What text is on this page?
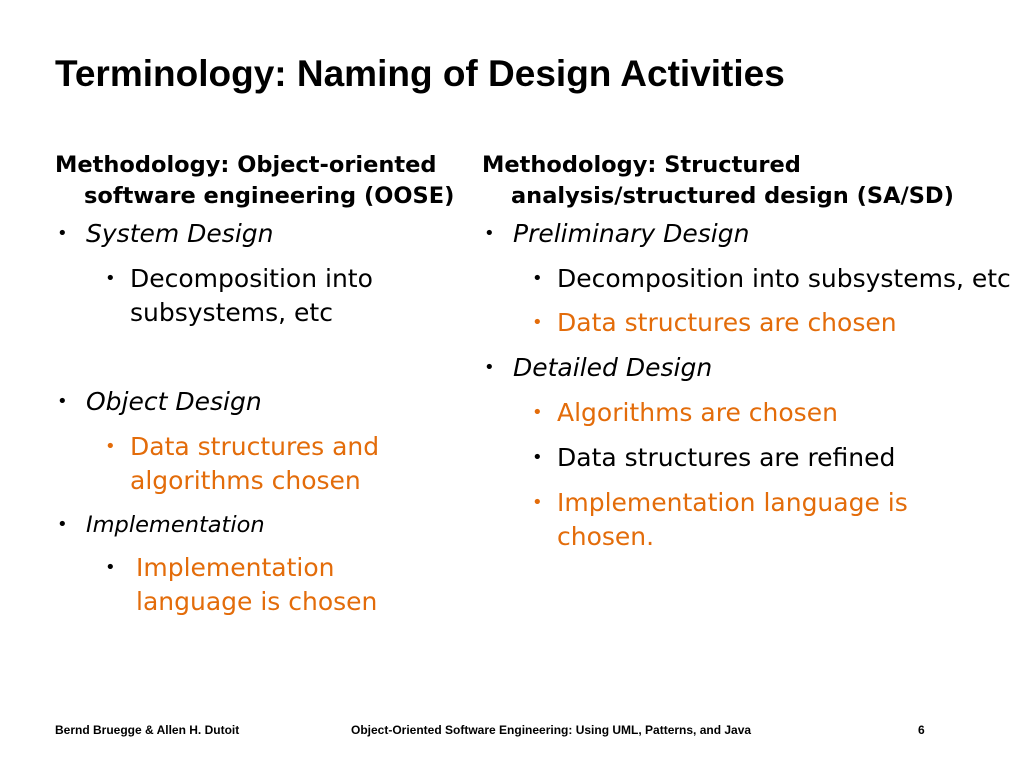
Terminology: Naming of Design Activities

Methodology: Object-oriented software engineering (OOSE)

• System Design
• Decomposition into subsystems, etc
• Object Design
• Data structures and algorithms chosen
• Implementation
• Implementation language is chosen

Methodology: Structured analysis/structured design (SA/SD)

• Preliminary Design
• Decomposition into subsystems, etc
• Data structures are chosen
• Detailed Design
• Algorithms are chosen
• Data structures are refined
• Implementation language is chosen.
Bernd Bruegge & Allen H. Dutoit	Object-Oriented Software Engineering: Using UML, Patterns, and Java	6
